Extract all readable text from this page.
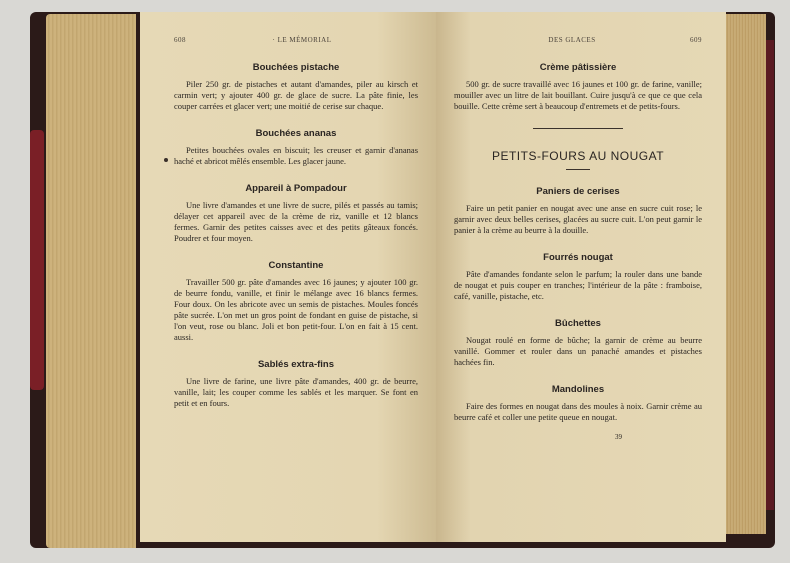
608	· LE MÉMORIAL
Bouchées pistache

Piler 250 gr. de pistaches et autant d'amandes, piler au kirsch et carmin vert; y ajouter 400 gr. de glace de sucre. La pâte finie, les couper carrées et glacer vert; une moitié de cerise sur chaque.

Bouchées ananas

Petites bouchées ovales en biscuit; les creuser et garnir d'ananas haché et abricot mêlés ensemble. Les glacer jaune.

Appareil à Pompadour

Une livre d'amandes et une livre de sucre, pilés et passés au tamis; délayer cet appareil avec de la crème de riz, vanille et 12 blancs fermes. Garnir des petites caisses avec et des petits gâteaux foncés. Poudrer et four moyen.

Constantine

Travailler 500 gr. pâte d'amandes avec 16 jaunes; y ajouter 100 gr. de beurre fondu, vanille, et finir le mélange avec 16 blancs fermes. Four doux. On les abricote avec un semis de pistaches. Moules foncés pâte sucrée. L'on met un gros point de fondant en guise de pistache, si l'on veut, rose ou blanc. Joli et bon petit-four. L'on en fait à 15 cent. aussi.

Sablés extra-fins

Une livre de farine, une livre pâte d'amandes, 400 gr. de beurre, vanille, lait; les couper comme les sablés et les marquer. Se font en petit et en fours.

DES GLACES	609
Crème pâtissière

500 gr. de sucre travaillé avec 16 jaunes et 100 gr. de farine, vanille; mouiller avec un litre de lait bouillant. Cuire jusqu'à ce que ce que cela bouille. Cette crème sert à beaucoup d'entremets et de petits-fours.

PETITS-FOURS AU NOUGAT
Paniers de cerises

Faire un petit panier en nougat avec une anse en sucre cuit rose; le garnir avec deux belles cerises, glacées au sucre cuit. L'on peut garnir le panier à la crème au beurre à la douille.

Fourrés nougat

Pâte d'amandes fondante selon le parfum; la rouler dans une bande de nougat et puis couper en tranches; l'intérieur de la pâte : framboise, café, vanille, pistache, etc.

Bûchettes

Nougat roulé en forme de bûche; la garnir de crème au beurre vanillé. Gommer et rouler dans un panaché amandes et pistaches hachées fin.

Mandolines

Faire des formes en nougat dans des moules à noix. Garnir crème au beurre café et coller une petite queue en nougat.

39
